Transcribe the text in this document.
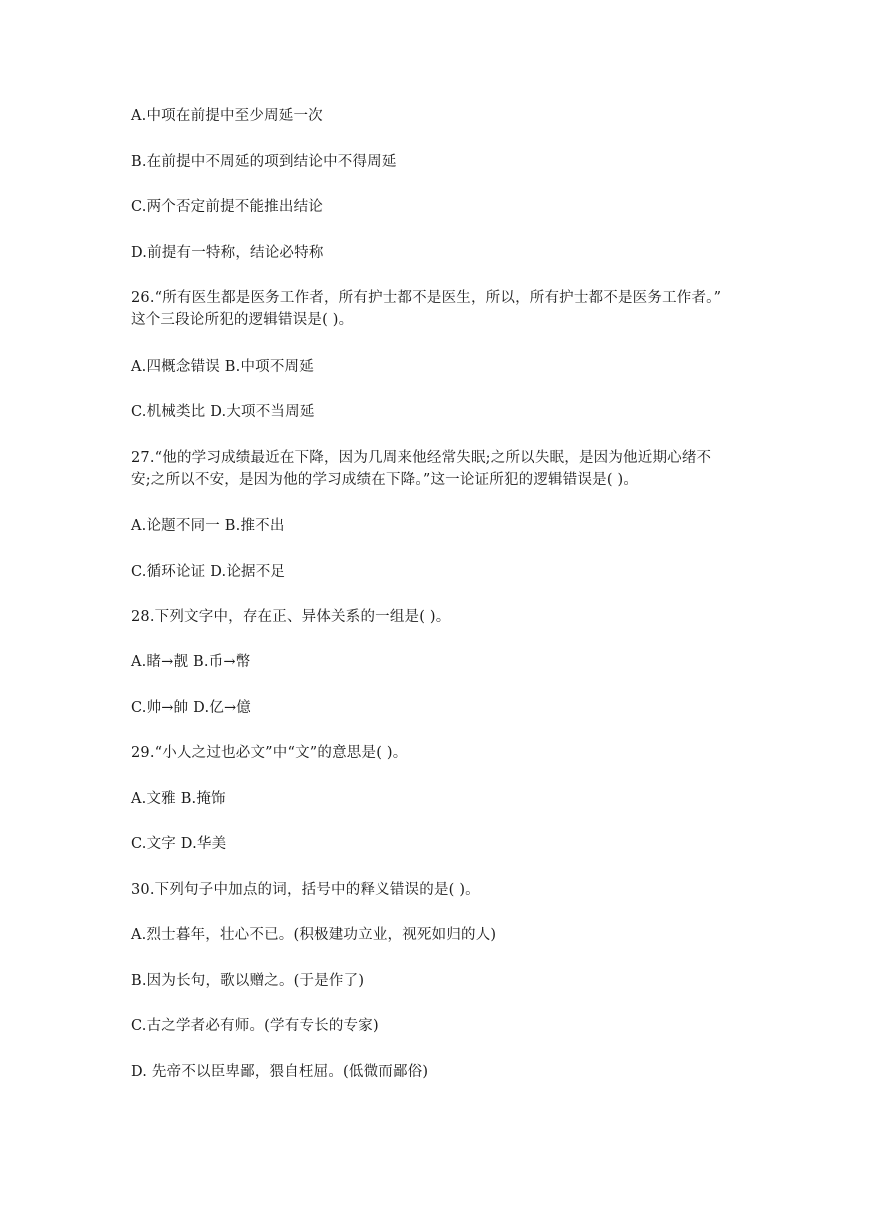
A.中项在前提中至少周延一次
B.在前提中不周延的项到结论中不得周延
C.两个否定前提不能推出结论
D.前提有一特称，结论必特称
26.“所有医生都是医务工作者，所有护士都不是医生，所以，所有护士都不是医务工作者。”
这个三段论所犯的逻辑错误是( )。
A.四概念错误 B.中项不周延
C.机械类比 D.大项不当周延
27.“他的学习成绩最近在下降，因为几周来他经常失眠;之所以失眠，是因为他近期心绪不
安;之所以不安，是因为他的学习成绩在下降。”这一论证所犯的逻辑错误是( )。
A.论题不同一 B.推不出
C.循环论证 D.论据不足
28.下列文字中，存在正、异体关系的一组是( )。
A.睹→靓 B.币→幣
C.帅→帥 D.亿→億
29.“小人之过也必文”中“文”的意思是( )。
A.文雅 B.掩饰
C.文字 D.华美
30.下列句子中加点的词，括号中的释义错误的是( )。
A.烈士暮年，壮心不已。(积极建功立业，视死如归的人)
B.因为长句，歌以赠之。(于是作了)
C.古之学者必有师。(学有专长的专家)
D. 先帝不以臣卑鄙，猥自枉屈。(低微而鄙俗)
